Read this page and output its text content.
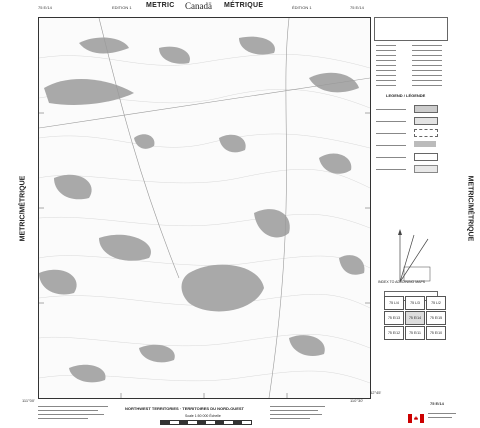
75 E/14	EDITION 1 METRIC Canadä MÉTRIQUE	ÉDITION 1	75 E/14
METRIC/MÉTRIQUE	METRIC/MÉTRIQUE
111°00'	110°30'
62°45'
LEGEND / LÉGENDE
INDEX TO ADJOINING MAPS
75 L/4	75 L/3	75 L/2
75 E/13	75 E/14	75 E/15
75 E/12	75 E/11	75 E/10
NORTHWEST TERRITORIES · TERRITOIRES DU NORD-OUEST
Scale 1:50 000 Échelle
75 E/14
